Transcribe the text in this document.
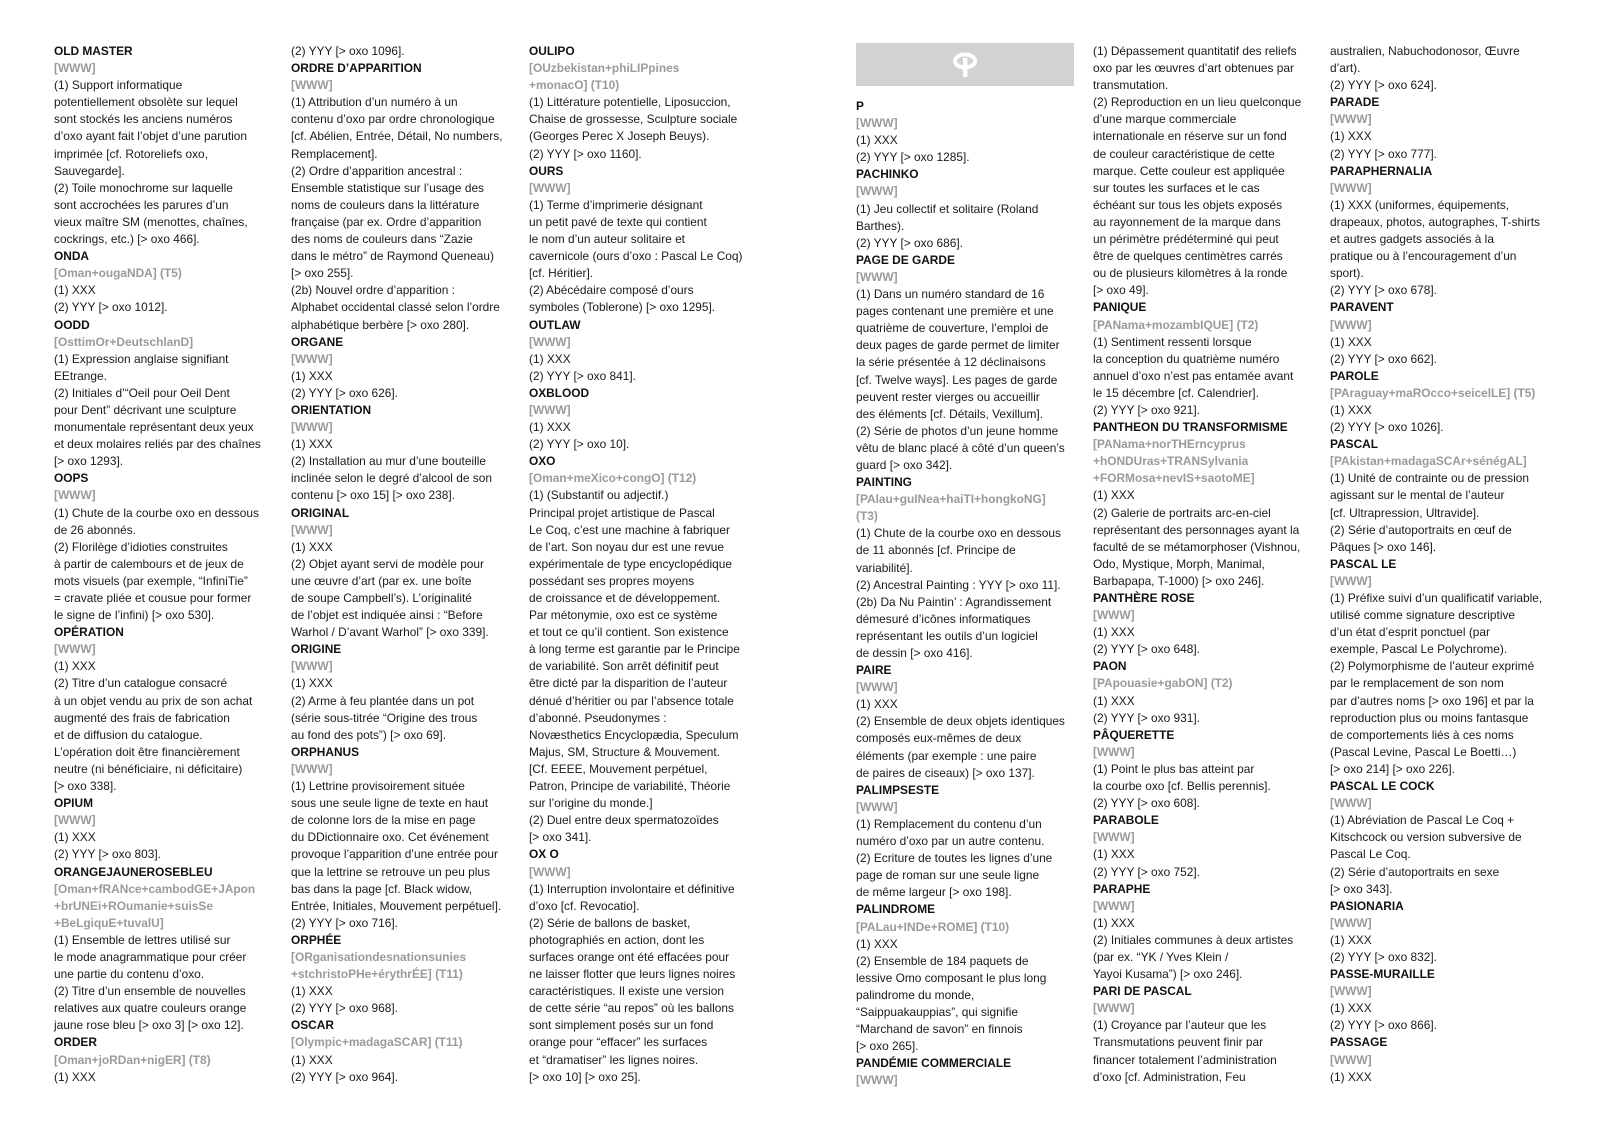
OLD MASTER

[WWW]

(1) Support informatique

potentiellement obsolète sur lequel

sont stockés les anciens numéros

d’oxo ayant fait l’objet d’une parution

imprimée [cf. Rotoreliefs oxo,

Sauvegarde].

(2) Toile monochrome sur laquelle

sont accrochées les parures d’un

vieux maître SM (menottes, chaînes,

cockrings, etc.) [> oxo 466].

ONDA

[Oman+ougaNDA] (T5)

(1) XXX

(2) YYY [> oxo 1012].

OODD

[OsttimOr+DeutschlanD]

(1) Expression anglaise signifiant

EEtrange.

(2) Initiales d’“Oeil pour Oeil Dent

pour Dent” décrivant une sculpture

monumentale représentant deux yeux

et deux molaires reliés par des chaînes

[> oxo 1293].

OOPS

[WWW]

(1) Chute de la courbe oxo en dessous

de 26 abonnés.

(2) Florilège d’idioties construites

à partir de calembours et de jeux de

mots visuels (par exemple, “InfiniTie”

= cravate pliée et cousue pour former

le signe de l’infini) [> oxo 530].

OPÉRATION

[WWW]

(1) XXX

(2) Titre d’un catalogue consacré

à un objet vendu au prix de son achat

augmenté des frais de fabrication

et de diffusion du catalogue.

L’opération doit être financièrement

neutre (ni bénéficiaire, ni déficitaire)

[> oxo 338].

OPIUM

[WWW]

(1) XXX

(2) YYY [> oxo 803].

ORANGEJAUNEROSEBLEU

[Oman+fRANce+cambodGE+JApon

+brUNEi+ROumanie+suisSe

+BeLgiquE+tuvalU]

(1) Ensemble de lettres utilisé sur

le mode anagrammatique pour créer

une partie du contenu d’oxo.

(2) Titre d’un ensemble de nouvelles

relatives aux quatre couleurs orange

jaune rose bleu [> oxo 3] [> oxo 12].

ORDER

[Oman+joRDan+nigER] (T8)

(1) XXX

(2) YYY [> oxo 1096].

ORDRE D’APPARITION

[WWW]

(1) Attribution d’un numéro à un

contenu d’oxo par ordre chronologique

[cf. Abélien, Entrée, Détail, No numbers,

Remplacement].

(2) Ordre d’apparition ancestral :

Ensemble statistique sur l’usage des

noms de couleurs dans la littérature

française (par ex. Ordre d’apparition

des noms de couleurs dans “Zazie

dans le métro” de Raymond Queneau)

[> oxo 255].

(2b) Nouvel ordre d’apparition :

Alphabet occidental classé selon l’ordre

alphabétique berbère [> oxo 280].

ORGANE

[WWW]

(1) XXX

(2) YYY [> oxo 626].

ORIENTATION

[WWW]

(1) XXX

(2) Installation au mur d’une bouteille

inclinée selon le degré d’alcool de son

contenu [> oxo 15] [> oxo 238].

ORIGINAL

[WWW]

(1) XXX

(2) Objet ayant servi de modèle pour

une œuvre d’art (par ex. une boîte

de soupe Campbell’s). L’originalité

de l’objet est indiquée ainsi : “Before

Warhol / D’avant Warhol” [> oxo 339].

ORIGINE

[WWW]

(1) XXX

(2) Arme à feu plantée dans un pot

(série sous-titrée “Origine des trous

au fond des pots”) [> oxo 69].

ORPHANUS

[WWW]

(1) Lettrine provisoirement située

sous une seule ligne de texte en haut

de colonne lors de la mise en page

du DDictionnaire oxo. Cet événement

provoque l’apparition d’une entrée pour

que la lettrine se retrouve un peu plus

bas dans la page [cf. Black widow,

Entrée, Initiales, Mouvement perpétuel].

(2) YYY [> oxo 716].

ORPHÉE

[ORganisationdesnationsunies

+stchristoPHe+érythrÉE] (T11)

(1) XXX

(2) YYY [> oxo 968].

OSCAR

[Olympic+madagaSCAR] (T11)

(1) XXX

(2) YYY [> oxo 964].

OULIPO

[OUzbekistan+phiLIPpines

+monacO] (T10)

(1) Littérature potentielle, Liposuccion,

Chaise de grossesse, Sculpture sociale

(Georges Perec X Joseph Beuys).

(2) YYY [> oxo 1160].

OURS

[WWW]

(1) Terme d’imprimerie désignant

un petit pavé de texte qui contient

le nom d’un auteur solitaire et

cavernicole (ours d’oxo : Pascal Le Coq)

[cf. Héritier].

(2) Abécédaire composé d’ours

symboles (Toblerone) [> oxo 1295].

OUTLAW

[WWW]

(1) XXX

(2) YYY [> oxo 841].

OXBLOOD

[WWW]

(1) XXX

(2) YYY [> oxo 10].

OXO

[Oman+meXico+congO] (T12)

(1) (Substantif ou adjectif.)

Principal projet artistique de Pascal

Le Coq, c’est une machine à fabriquer

de l’art. Son noyau dur est une revue

expérimentale de type encyclopédique

possédant ses propres moyens

de croissance et de développement.

Par métonymie, oxo est ce système

et tout ce qu’il contient. Son existence

à long terme est garantie par le Principe

de variabilité. Son arrêt définitif peut

être dicté par la disparition de l’auteur

dénué d’héritier ou par l’absence totale

d’abonné. Pseudonymes :

Novæsthetics Encyclopædia, Speculum

Majus, SM, Structure & Mouvement.

[Cf. EEEE, Mouvement perpétuel,

Patron, Principe de variabilité, Théorie

sur l’origine du monde.]

(2) Duel entre deux spermatozoïdes

[> oxo 341].

OX O

[WWW]

(1) Interruption involontaire et définitive

d’oxo [cf. Revocatio].

(2) Série de ballons de basket,

photographiés en action, dont les

surfaces orange ont été effacées pour

ne laisser flotter que leurs lignes noires

caractéristiques. Il existe une version

de cette série “au repos” où les ballons

sont simplement posés sur un fond

orange pour “effacer” les surfaces

et “dramatiser” les lignes noires.

[> oxo 10] [> oxo 25].

P

[WWW]

(1) XXX

(2) YYY [> oxo 1285].

PACHINKO

[WWW]

(1) Jeu collectif et solitaire (Roland

Barthes).

(2) YYY [> oxo 686].

PAGE DE GARDE

[WWW]

(1) Dans un numéro standard de 16

pages contenant une première et une

quatrième de couverture, l’emploi de

deux pages de garde permet de limiter

la série présentée à 12 déclinaisons

[cf. Twelve ways]. Les pages de garde

peuvent rester vierges ou accueillir

des éléments [cf. Détails, Vexillum].

(2) Série de photos d’un jeune homme

vêtu de blanc placé à côté d’un queen’s

guard [> oxo 342].

PAINTING

[PAlau+guINea+haiTI+hongkoNG]

(T3)

(1) Chute de la courbe oxo en dessous

de 11 abonnés [cf. Principe de

variabilité].

(2) Ancestral Painting : YYY [> oxo 11].

(2b) Da Nu Paintin’ : Agrandissement

démesuré d’icônes informatiques

représentant les outils d’un logiciel

de dessin [> oxo 416].

PAIRE

[WWW]

(1) XXX

(2) Ensemble de deux objets identiques

composés eux-mêmes de deux

éléments (par exemple : une paire

de paires de ciseaux) [> oxo 137].

PALIMPSESTE

[WWW]

(1) Remplacement du contenu d’un

numéro d’oxo par un autre contenu.

(2) Ecriture de toutes les lignes d’une

page de roman sur une seule ligne

de même largeur [> oxo 198].

PALINDROME

[PALau+INDe+ROME] (T10)

(1) XXX

(2) Ensemble de 184 paquets de

lessive Omo composant le plus long

palindrome du monde,

“Saippuakauppias”, qui signifie

“Marchand de savon” en finnois

[> oxo 265].

PANDÉMIE COMMERCIALE

[WWW]

(1) Dépassement quantitatif des reliefs

oxo par les œuvres d’art obtenues par

transmutation.

(2) Reproduction en un lieu quelconque

d’une marque commerciale

internationale en réserve sur un fond

de couleur caractéristique de cette

marque. Cette couleur est appliquée

sur toutes les surfaces et le cas

échéant sur tous les objets exposés

au rayonnement de la marque dans

un périmètre prédéterminé qui peut

être de quelques centimètres carrés

ou de plusieurs kilomètres à la ronde

[> oxo 49].

PANIQUE

[PANama+mozambIQUE] (T2)

(1) Sentiment ressenti lorsque

la conception du quatrième numéro

annuel d’oxo n’est pas entamée avant

le 15 décembre [cf. Calendrier].

(2) YYY [> oxo 921].

PANTHEON DU TRANSFORMISME

[PANama+norTHErncyprus

+hONDUras+TRANSylvania

+FORMosa+nevIS+saotoME]

(1) XXX

(2) Galerie de portraits arc-en-ciel

représentant des personnages ayant la

faculté de se métamorphoser (Vishnou,

Odo, Mystique, Morph, Manimal,

Barbapapa, T-1000) [> oxo 246].

PANTHÈRE ROSE

[WWW]

(1) XXX

(2) YYY [> oxo 648].

PAON

[PApouasie+gabON] (T2)

(1) XXX

(2) YYY [> oxo 931].

PÂQUERETTE

[WWW]

(1) Point le plus bas atteint par

la courbe oxo [cf. Bellis perennis].

(2) YYY [> oxo 608].

PARABOLE

[WWW]

(1) XXX

(2) YYY [> oxo 752].

PARAPHE

[WWW]

(1) XXX

(2) Initiales communes à deux artistes

(par ex. “YK / Yves Klein /

Yayoi Kusama”) [> oxo 246].

PARI DE PASCAL

[WWW]

(1) Croyance par l’auteur que les

Transmutations peuvent finir par

financer totalement l’administration

d’oxo [cf. Administration, Feu

australien, Nabuchodonosor, Œuvre

d’art).

(2) YYY [> oxo 624].

PARADE

[WWW]

(1) XXX

(2) YYY [> oxo 777].

PARAPHERNALIA

[WWW]

(1) XXX (uniformes, équipements,

drapeaux, photos, autographes, T-shirts

et autres gadgets associés à la

pratique ou à l’encouragement d’un

sport).

(2) YYY [> oxo 678].

PARAVENT

[WWW]

(1) XXX

(2) YYY [> oxo 662].

PAROLE

[PAraguay+maROcco+seicelLE] (T5)

(1) XXX

(2) YYY [> oxo 1026].

PASCAL

[PAkistan+madagaSCAr+sénégAL]

(1) Unité de contrainte ou de pression

agissant sur le mental de l’auteur

[cf. Ultrapression, Ultravide].

(2) Série d’autoportraits en œuf de

Pâques [> oxo 146].

PASCAL LE

[WWW]

(1) Préfixe suivi d’un qualificatif variable,

utilisé comme signature descriptive

d’un état d’esprit ponctuel (par

exemple, Pascal Le Polychrome).

(2) Polymorphisme de l’auteur exprimé

par le remplacement de son nom

par d’autres noms [> oxo 196] et par la

reproduction plus ou moins fantasque

de comportements liés à ces noms

(Pascal Levine, Pascal Le Boetti…)

[> oxo 214] [> oxo 226].

PASCAL LE COCK

[WWW]

(1) Abréviation de Pascal Le Coq +

Kitschcock ou version subversive de

Pascal Le Coq.

(2) Série d’autoportraits en sexe

[> oxo 343].

PASIONARIA

[WWW]

(1) XXX

(2) YYY [> oxo 832].

PASSE-MURAILLE

[WWW]

(1) XXX

(2) YYY [> oxo 866].

PASSAGE

[WWW]

(1) XXX
